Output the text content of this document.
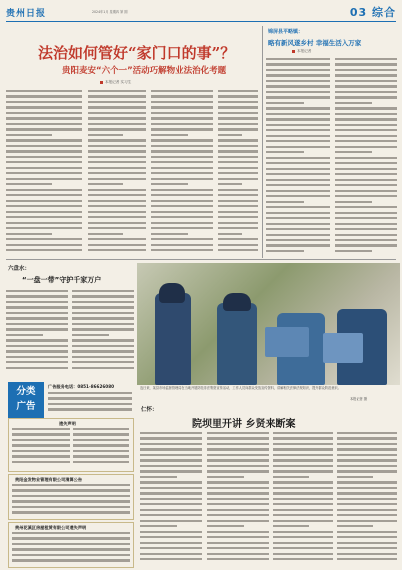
贵州日报	2024年1月 星期四 第 期	03 综合
法治如何管好“家门口的事”？
贵阳麦安“六个一”活动巧解物业法治化考题
本报记者 实习生
锦屏县平略镇：
略有新风遂乡村 幸福生活入万家
本报记者
六盘水：
“一盘一带”守护千家万户
连日来，某县市场监督管理局在当地开展防范非法集资宣传活动，工作人员向群众发放宣传资料，讲解相关法律法规知识，提升群众防范意识。
本报记者 摄
分类
广告
广告服务电话：0851-86626080
遗失声明
贵阳金发物业管理有限公司清算公告
贵州花溪区房屋租赁有限公司遗失声明
仁怀：
院坝里开讲 乡贤来断案
